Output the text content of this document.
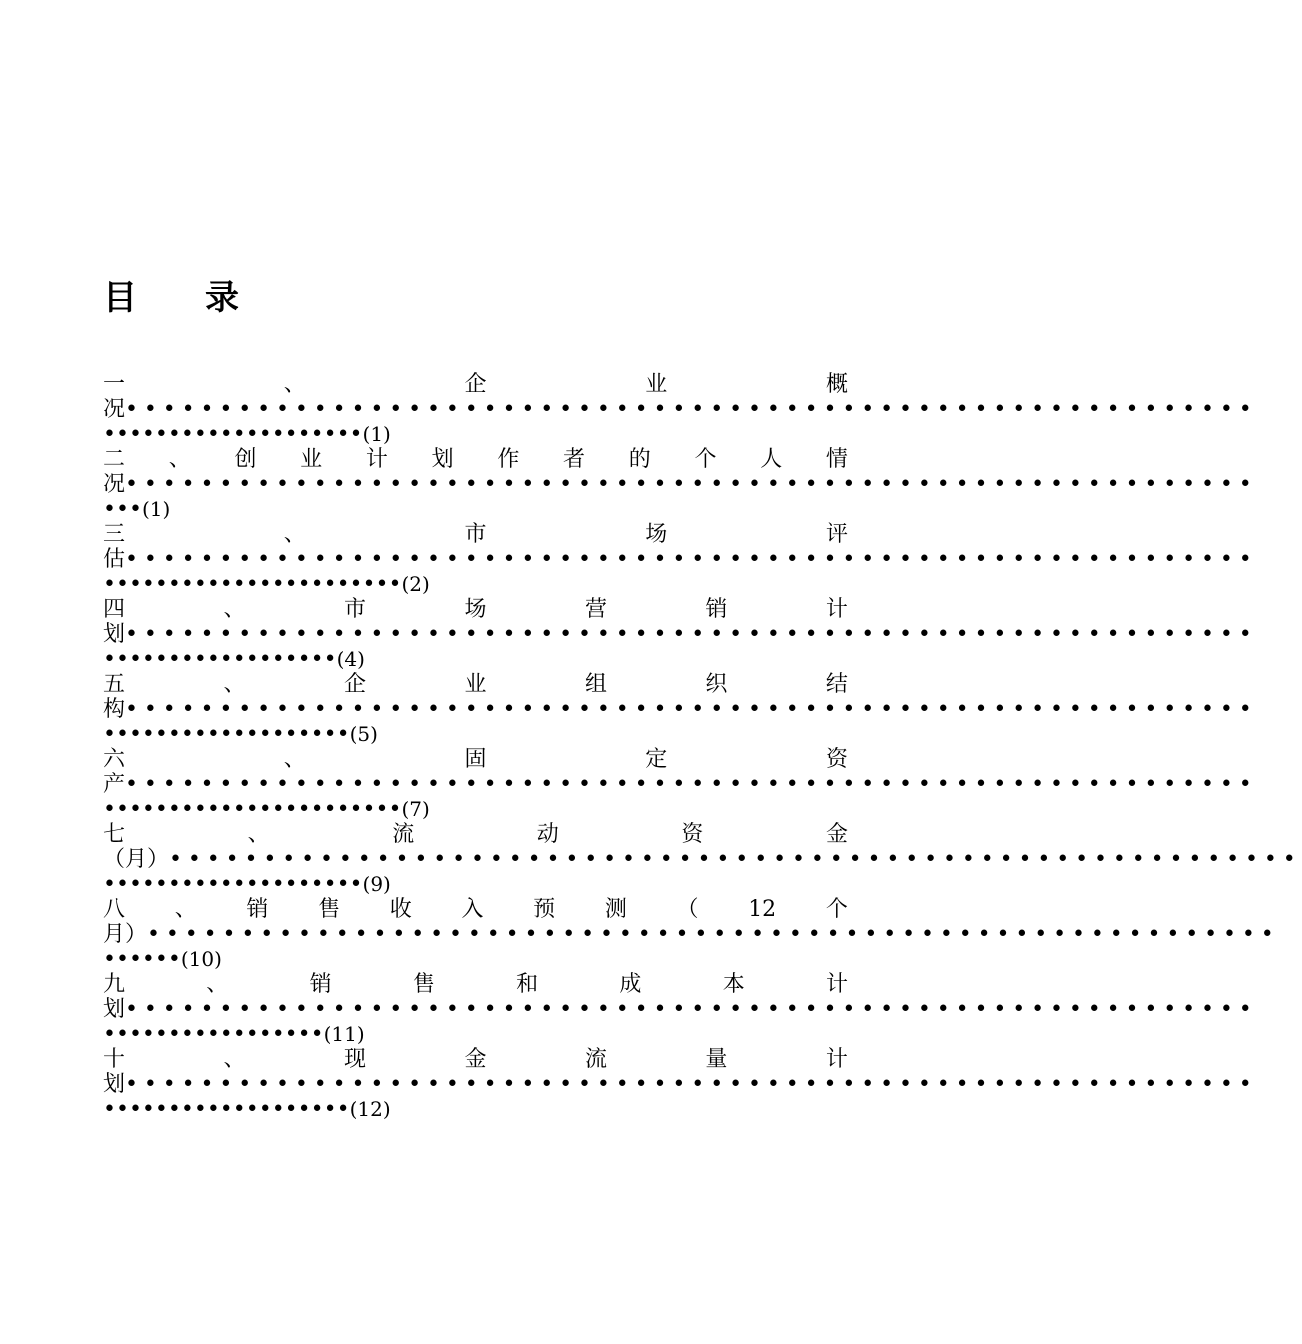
目 录
一	、	企	业	概
况 ••••••••••••••••••••••••••••••••••••••••••••••••••••••••••••
••••••••••••••••••••(1)
二 、 创 业 计 划 作 者 的 个 人 情
况 ••••••••••••••••••••••••••••••••••••••••••••••••••••••••••••
•••(1)
三	、	市	场	评
估 ••••••••••••••••••••••••••••••••••••••••••••••••••••••••••••
•••••••••••••••••••••••(2)
四	、	市	场	营	销	计
划 ••••••••••••••••••••••••••••••••••••••••••••••••••••••••••••
••••••••••••••••••(4)
五	、	企	业	组	织	结
构 ••••••••••••••••••••••••••••••••••••••••••••••••••••••••••••
•••••••••••••••••••(5)
六	、	固	定	资
产 ••••••••••••••••••••••••••••••••••••••••••••••••••••••••••••
•••••••••••••••••••••••(7)
七	、	流	动	资	金
（月） ••••••••••••••••••••••••••••••••••••••••••••••••••••••••••••
••••••••••••••••••••(9)
八 、 销 售 收 入 预 测 （ 12 个
月） ••••••••••••••••••••••••••••••••••••••••••••••••••••••••••••
••••••(10)
九	、	销	售	和	成	本	计
划 ••••••••••••••••••••••••••••••••••••••••••••••••••••••••••••
•••••••••••••••••(11)
十	、	现	金	流	量	计
划 ••••••••••••••••••••••••••••••••••••••••••••••••••••••••••••
•••••••••••••••••••(12)
